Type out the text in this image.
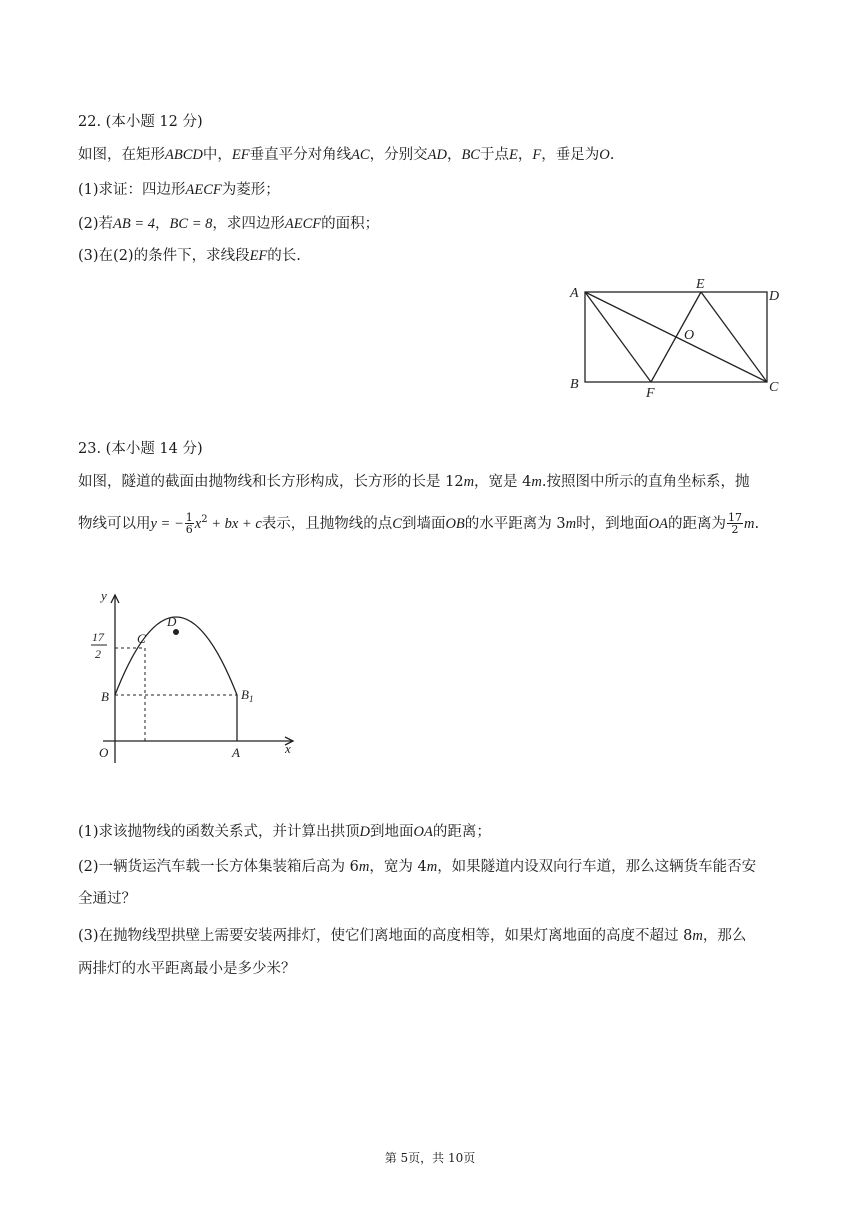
22. (本小题 12 分)
如图，在矩形ABCD中，EF垂直平分对角线AC，分别交AD，BC于点E，F，垂足为O.
(1)求证：四边形AECF为菱形；
(2)若AB = 4，BC = 8，求四边形AECF的面积；
(3)在(2)的条件下，求线段EF的长.
A
B	C
D
E
F
O
23. (本小题 14 分)
如图，隧道的截面由抛物线和长方形构成，长方形的长是 12m，宽是 4m.按照图中所示的直角坐标系，抛
物线可以用y = − $\frac{1}{6} x^2$ + bx + c表示，且抛物线的点C到墙面OB的水平距离为 3m时，到地面OA的距离为 $\frac{17}{2} m$.
y
x
O	A
B	$B_1$
C
D
17
2
(1)求该抛物线的函数关系式，并计算出拱顶D到地面OA的距离；
(2)一辆货运汽车载一长方体集装箱后高为 6m，宽为 4m，如果隧道内设双向行车道，那么这辆货车能否安
全通过？
(3)在抛物线型拱壁上需要安装两排灯，使它们离地面的高度相等，如果灯离地面的高度不超过 8m，那么
两排灯的水平距离最小是多少米？
第 5页，共 10页
